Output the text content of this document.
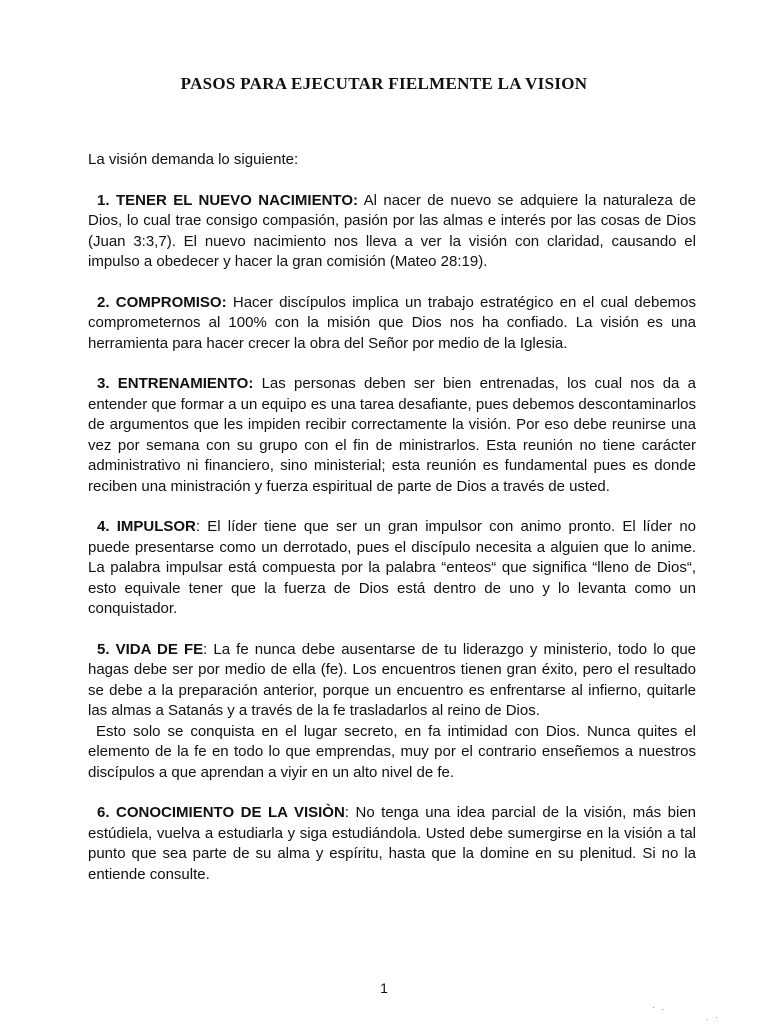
PASOS PARA EJECUTAR FIELMENTE LA VISION

La visión demanda lo siguiente:

1. TENER EL NUEVO NACIMIENTO: Al nacer de nuevo se adquiere la naturaleza de Dios, lo cual trae consigo compasión, pasión por las almas e interés por las cosas de Dios (Juan 3:3,7). El nuevo nacimiento nos lleva a ver la visión con claridad, causando el impulso a obedecer y hacer la gran comisión (Mateo 28:19).

2. COMPROMISO: Hacer discípulos implica un trabajo estratégico en el cual debemos comprometernos al 100% con la misión que Dios nos ha confiado. La visión es una herramienta para hacer crecer la obra del Señor por medio de la Iglesia.

3. ENTRENAMIENTO: Las personas deben ser bien entrenadas, los cual nos da a entender que formar a un equipo es una tarea desafiante, pues debemos descontaminarlos de argumentos que les impiden recibir correctamente la visión. Por eso debe reunirse una vez por semana con su grupo con el fin de ministrarlos. Esta reunión no tiene carácter administrativo ni financiero, sino ministerial; esta reunión es fundamental pues es donde reciben una ministración y fuerza espiritual de parte de Dios a través de usted.

4. IMPULSOR: El líder tiene que ser un gran impulsor con animo pronto. El líder no puede presentarse como un derrotado, pues el discípulo necesita a alguien que lo anime. La palabra impulsar está compuesta por la palabra “enteos“ que significa “lleno de Dios“, esto equivale tener que la fuerza de Dios está dentro de uno y lo levanta como un conquistador.

5. VIDA DE FE: La fe nunca debe ausentarse de tu liderazgo y ministerio, todo lo que hagas debe ser por medio de ella (fe). Los encuentros tienen gran éxito, pero el resultado se debe a la preparación anterior, porque un encuentro es enfrentarse al infierno, quitarle las almas a Satanás y a través de la fe trasladarlos al reino de Dios.

Esto solo se conquista en el lugar secreto, en fa intimidad con Dios. Nunca quites el elemento de la fe en todo lo que emprendas, muy por el contrario enseñemos a nuestros discípulos a que aprendan a viyir en un alto nivel de fe.

6. CONOCIMIENTO DE LA VISIÒN: No tenga una idea parcial de la visión, más bien estúdiela, vuelva a estudiarla y siga estudiándola. Usted debe sumergirse en la visión a tal punto que sea parte de su alma y espíritu, hasta que la domine en su plenitud. Si no la entiende consulte.

1
· .
. ·
